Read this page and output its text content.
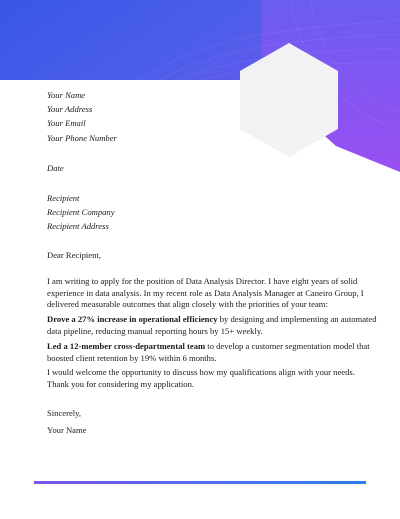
Your Name
Your Address
Your Email
Your Phone Number
Date
Recipient
Recipient Company
Recipient Address
Dear Recipient,

I am writing to apply for the position of Data Analysis Director. I have eight years of solid experience in data analysis. In my recent role as Data Analysis Manager at Caneiro Group, I delivered measurable outcomes that align closely with the priorities of your team:

Drove a 27% increase in operational efficiency by designing and implementing an automated data pipeline, reducing manual reporting hours by 15+ weekly.

Led a 12-member cross-departmental team to develop a customer segmentation model that boosted client retention by 19% within 6 months.

I would welcome the opportunity to discuss how my qualifications align with your needs. Thank you for considering my application.

Sincerely,
Your Name
